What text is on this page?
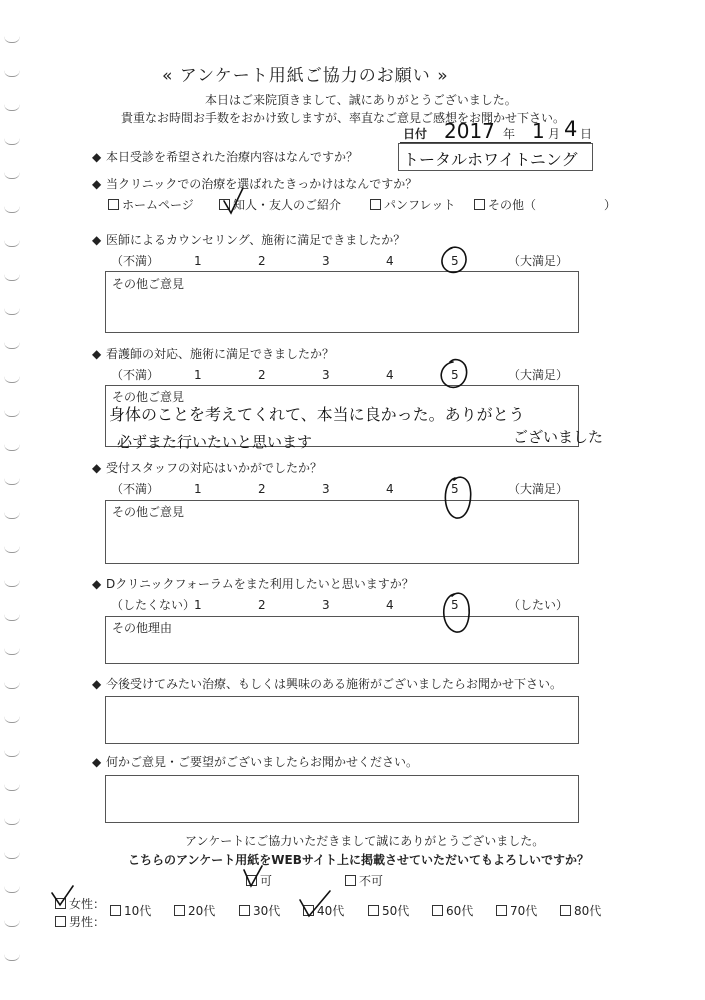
« アンケート用紙ご協力のお願い »
本日はご来院頂きまして、誠にありがとうございました。
貴重なお時間お手数をおかけ致しますが、率直なご意見ご感想をお聞かせ下さい。
日付 2017 年 1 月 4 日
◆ 本日受診を希望された治療内容はなんですか？	トータルホワイトニング
◆ 当クリニックでの治療を選ばれたきっかけはなんですか？
ホームページ	知人・友人のご紹介	パンフレット	その他（	）
◆ 医師によるカウンセリング、施術に満足できましたか？
（不満）	1	2	3	4	5	（大満足）
その他ご意見
◆ 看護師の対応、施術に満足できましたか？
（不満）	1	2	3	4	5	（大満足）
その他ご意見
身体のことを考えてくれて、本当に良かった。ありがとう
必ずまた行いたいと思います	ございました
◆ 受付スタッフの対応はいかがでしたか？
（不満）	1	2	3	4	5	（大満足）
その他ご意見
◆ Dクリニックフォーラムをまた利用したいと思いますか？
（したくない）
1	2	3	4	5	（したい）
その他理由
◆ 今後受けてみたい治療、もしくは興味のある施術がございましたらお聞かせ下さい。
◆ 何かご意見・ご要望がございましたらお聞かせください。
アンケートにご協力いただきまして誠にありがとうございました。
こちらのアンケート用紙をWEBサイト上に掲載させていただいてもよろしいですか？
可	不可
女性：
男性：
10代	20代	30代	40代	50代	60代	70代	80代
